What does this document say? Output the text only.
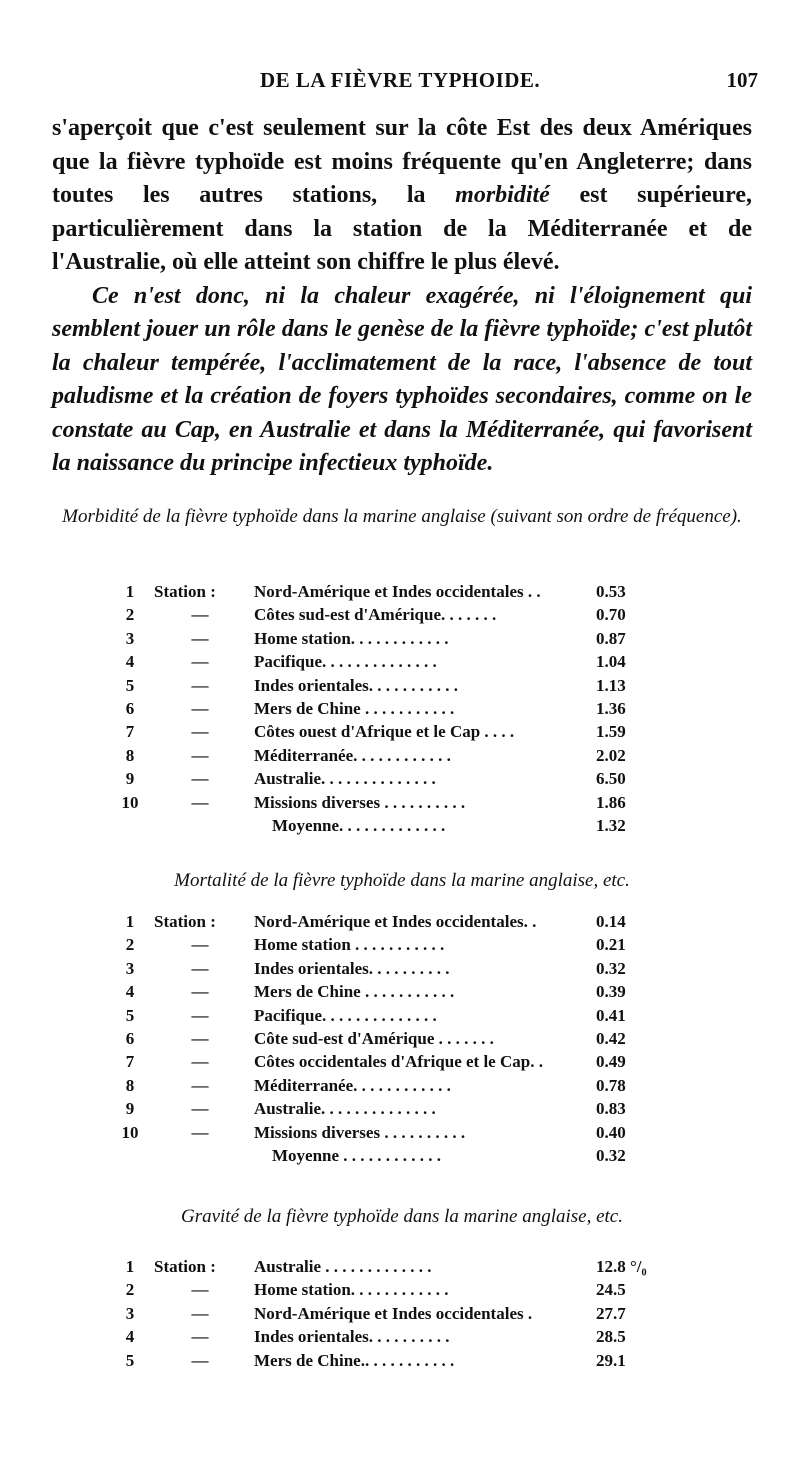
DE LA FIÈVRE TYPHOIDE.	107
s'aperçoit que c'est seulement sur la côte Est des deux Amériques que la fièvre typhoïde est moins fréquente qu'en Angleterre; dans toutes les autres stations, la morbidité est supérieure, particulièrement dans la station de la Méditerranée et de l'Australie, où elle atteint son chiffre le plus élevé.
Ce n'est donc, ni la chaleur exagérée, ni l'éloignement qui semblent jouer un rôle dans le genèse de la fièvre typhoïde; c'est plutôt la chaleur tempérée, l'acclimatement de la race, l'absence de tout paludisme et la création de foyers typhoïdes secondaires, comme on le constate au Cap, en Australie et dans la Méditerranée, qui favorisent la naissance du principe infectieux typhoïde.
Morbidité de la fièvre typhoïde dans la marine anglaise (suivant son ordre de fréquence).
1	Station : Nord-Amérique et Indes occidentales . .	0.53
2	—	Côtes sud-est d'Amérique. . . . . . .	0.70
3	—	Home station. . . . . . . . . . . .	0.87
4	—	Pacifique. . . . . . . . . . . . . .	1.04
5	—	Indes orientales. . . . . . . . . . .	1.13
6	—	Mers de Chine . . . . . . . . . . .	1.36
7	—	Côtes ouest d'Afrique et le Cap . . . .	1.59
8	—	Méditerranée. . . . . . . . . . . .	2.02
9	—	Australie. . . . . . . . . . . . . .	6.50
10	—	Missions diverses . . . . . . . . . .	1.86
Moyenne. . . . . . . . . . . . .	1.32
Mortalité de la fièvre typhoïde dans la marine anglaise, etc.
1	Station : Nord-Amérique et Indes occidentales. .	0.14
2	—	Home station . . . . . . . . . . .	0.21
3	—	Indes orientales. . . . . . . . . .	0.32
4	—	Mers de Chine . . . . . . . . . . .	0.39
5	—	Pacifique. . . . . . . . . . . . . .	0.41
6	—	Côte sud-est d'Amérique . . . . . . .	0.42
7	—	Côtes occidentales d'Afrique et le Cap. .	0.49
8	—	Méditerranée. . . . . . . . . . . .	0.78
9	—	Australie. . . . . . . . . . . . . .	0.83
10	—	Missions diverses . . . . . . . . . .	0.40
Moyenne . . . . . . . . . . . .	0.32
Gravité de la fièvre typhoïde dans la marine anglaise, etc.
1	Station : Australie . . . . . . . . . . . . .	12.8 °/₀
2	—	Home station. . . . . . . . . . . .	24.5
3	—	Nord-Amérique et Indes occidentales .	27.7
4	—	Indes orientales. . . . . . . . . .	28.5
5	—	Mers de Chine.. . . . . . . . . . .	29.1
